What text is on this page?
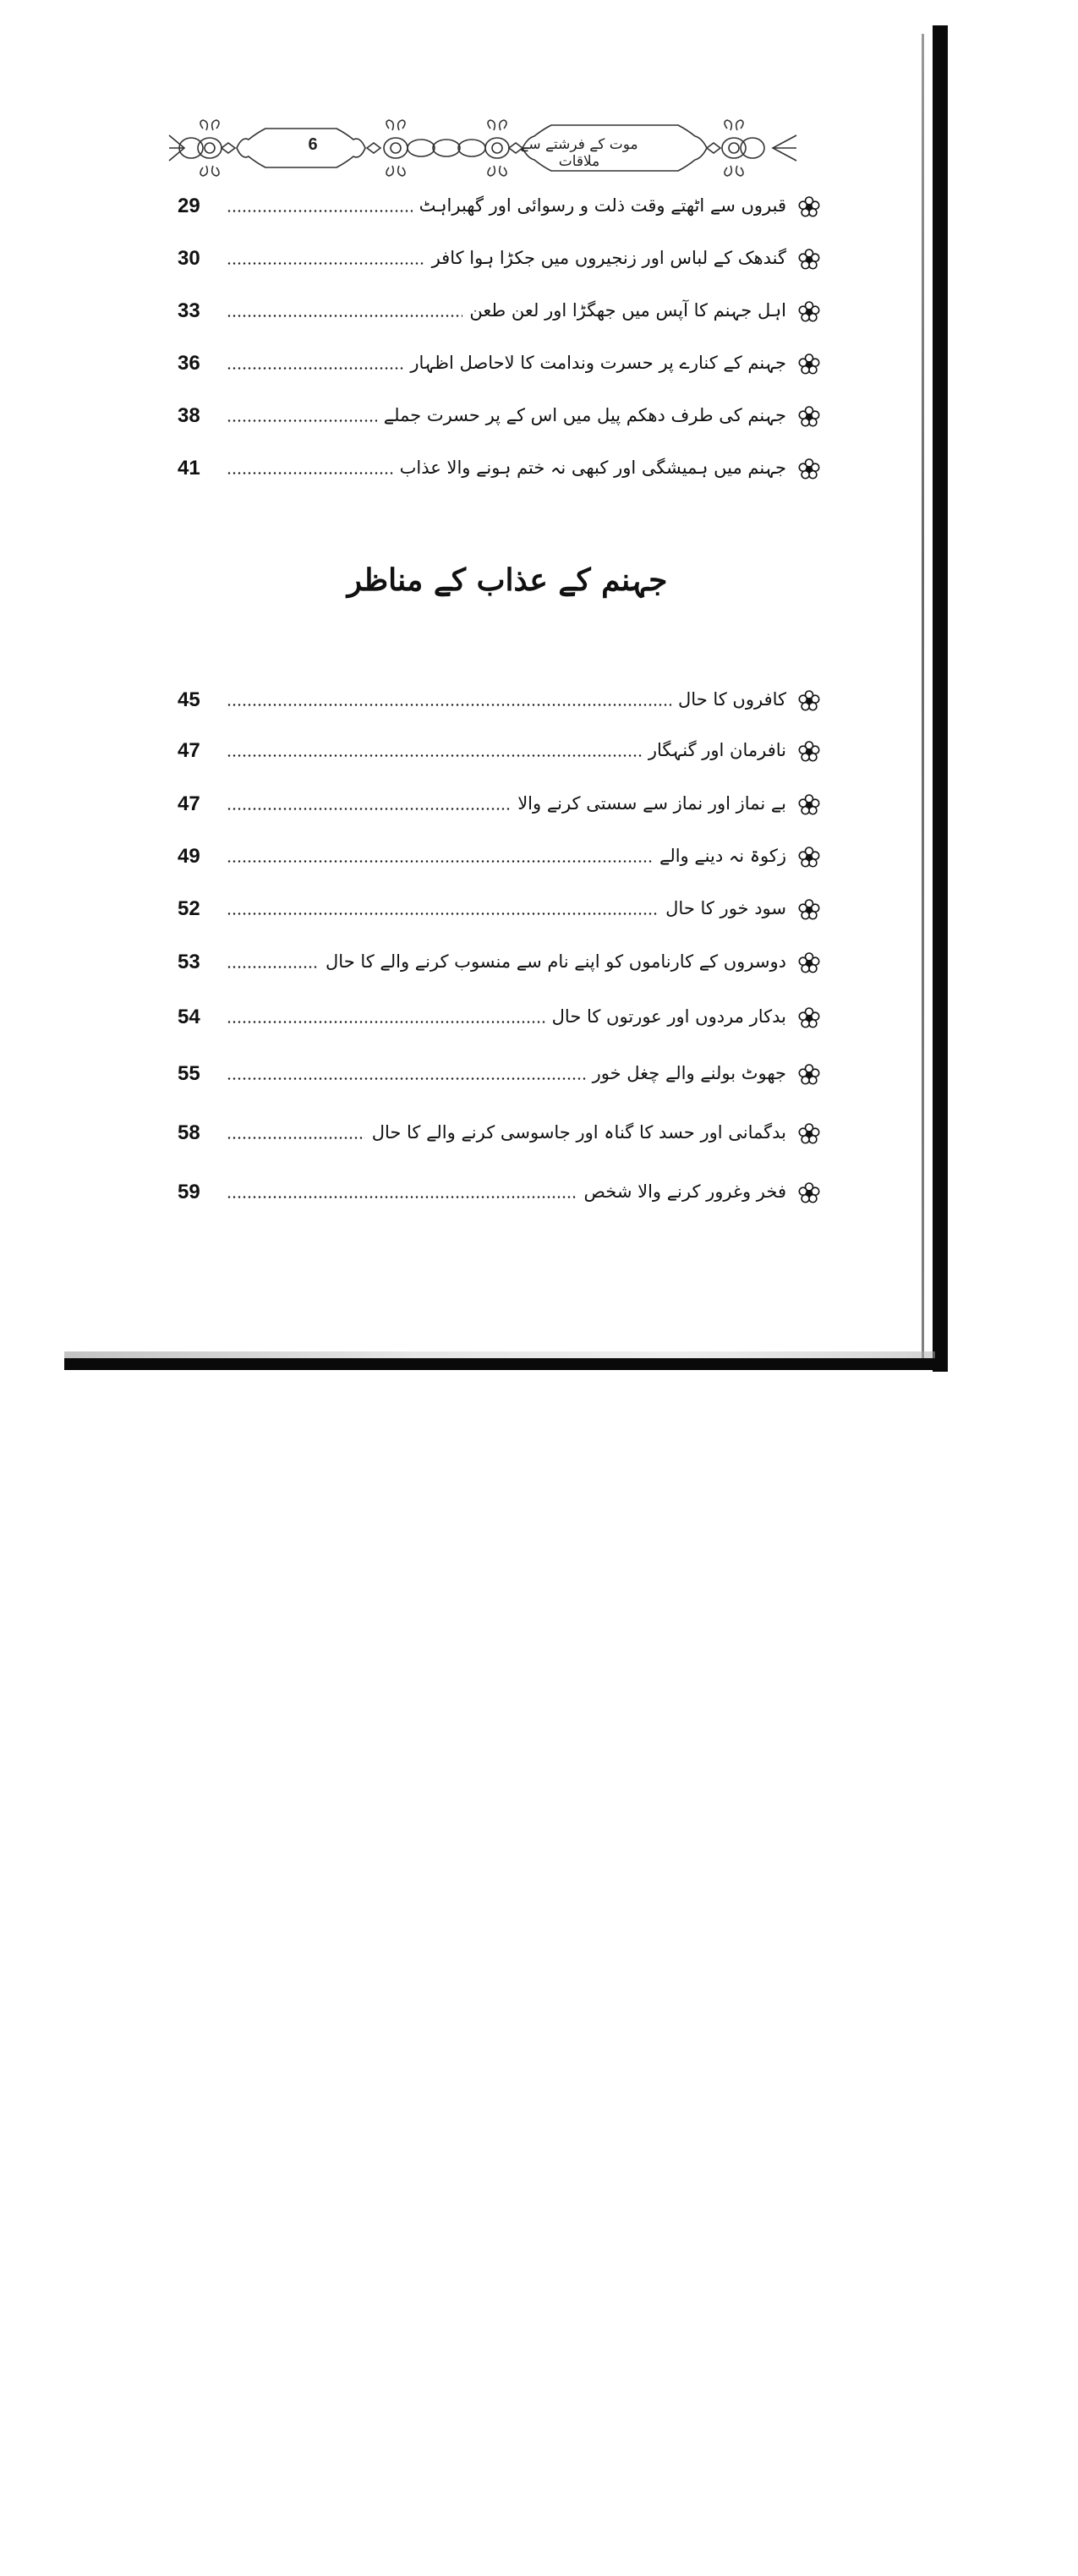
6	موت کے فرشتے سے ملاقات
قبروں سے اٹھتے وقت ذلت و رسوائی اور گھبراہٹ
29
گندھک کے لباس اور زنجیروں میں جکڑا ہوا کافر
30
اہل جہنم کا آپس میں جھگڑا اور لعن طعن
33
جہنم کے کنارے پر حسرت وندامت کا لاحاصل اظہار
36
جہنم کی طرف دھکم پیل میں اس کے پر حسرت جملے
38
جہنم میں ہمیشگی اور کبھی نہ ختم ہونے والا عذاب
41
جہنم کے عذاب کے مناظر
کافروں کا حال
45
نافرمان اور گنہگار
47
بے نماز اور نماز سے سستی کرنے والا
47
زکوۃ نہ دینے والے
49
سود خور کا حال
52
دوسروں کے کارناموں کو اپنے نام سے منسوب کرنے والے کا حال
53
بدکار مردوں اور عورتوں کا حال
54
جھوٹ بولنے والے چغل خور
55
بدگمانی اور حسد کا گناہ اور جاسوسی کرنے والے کا حال
58
فخر وغرور کرنے والا شخص
59
